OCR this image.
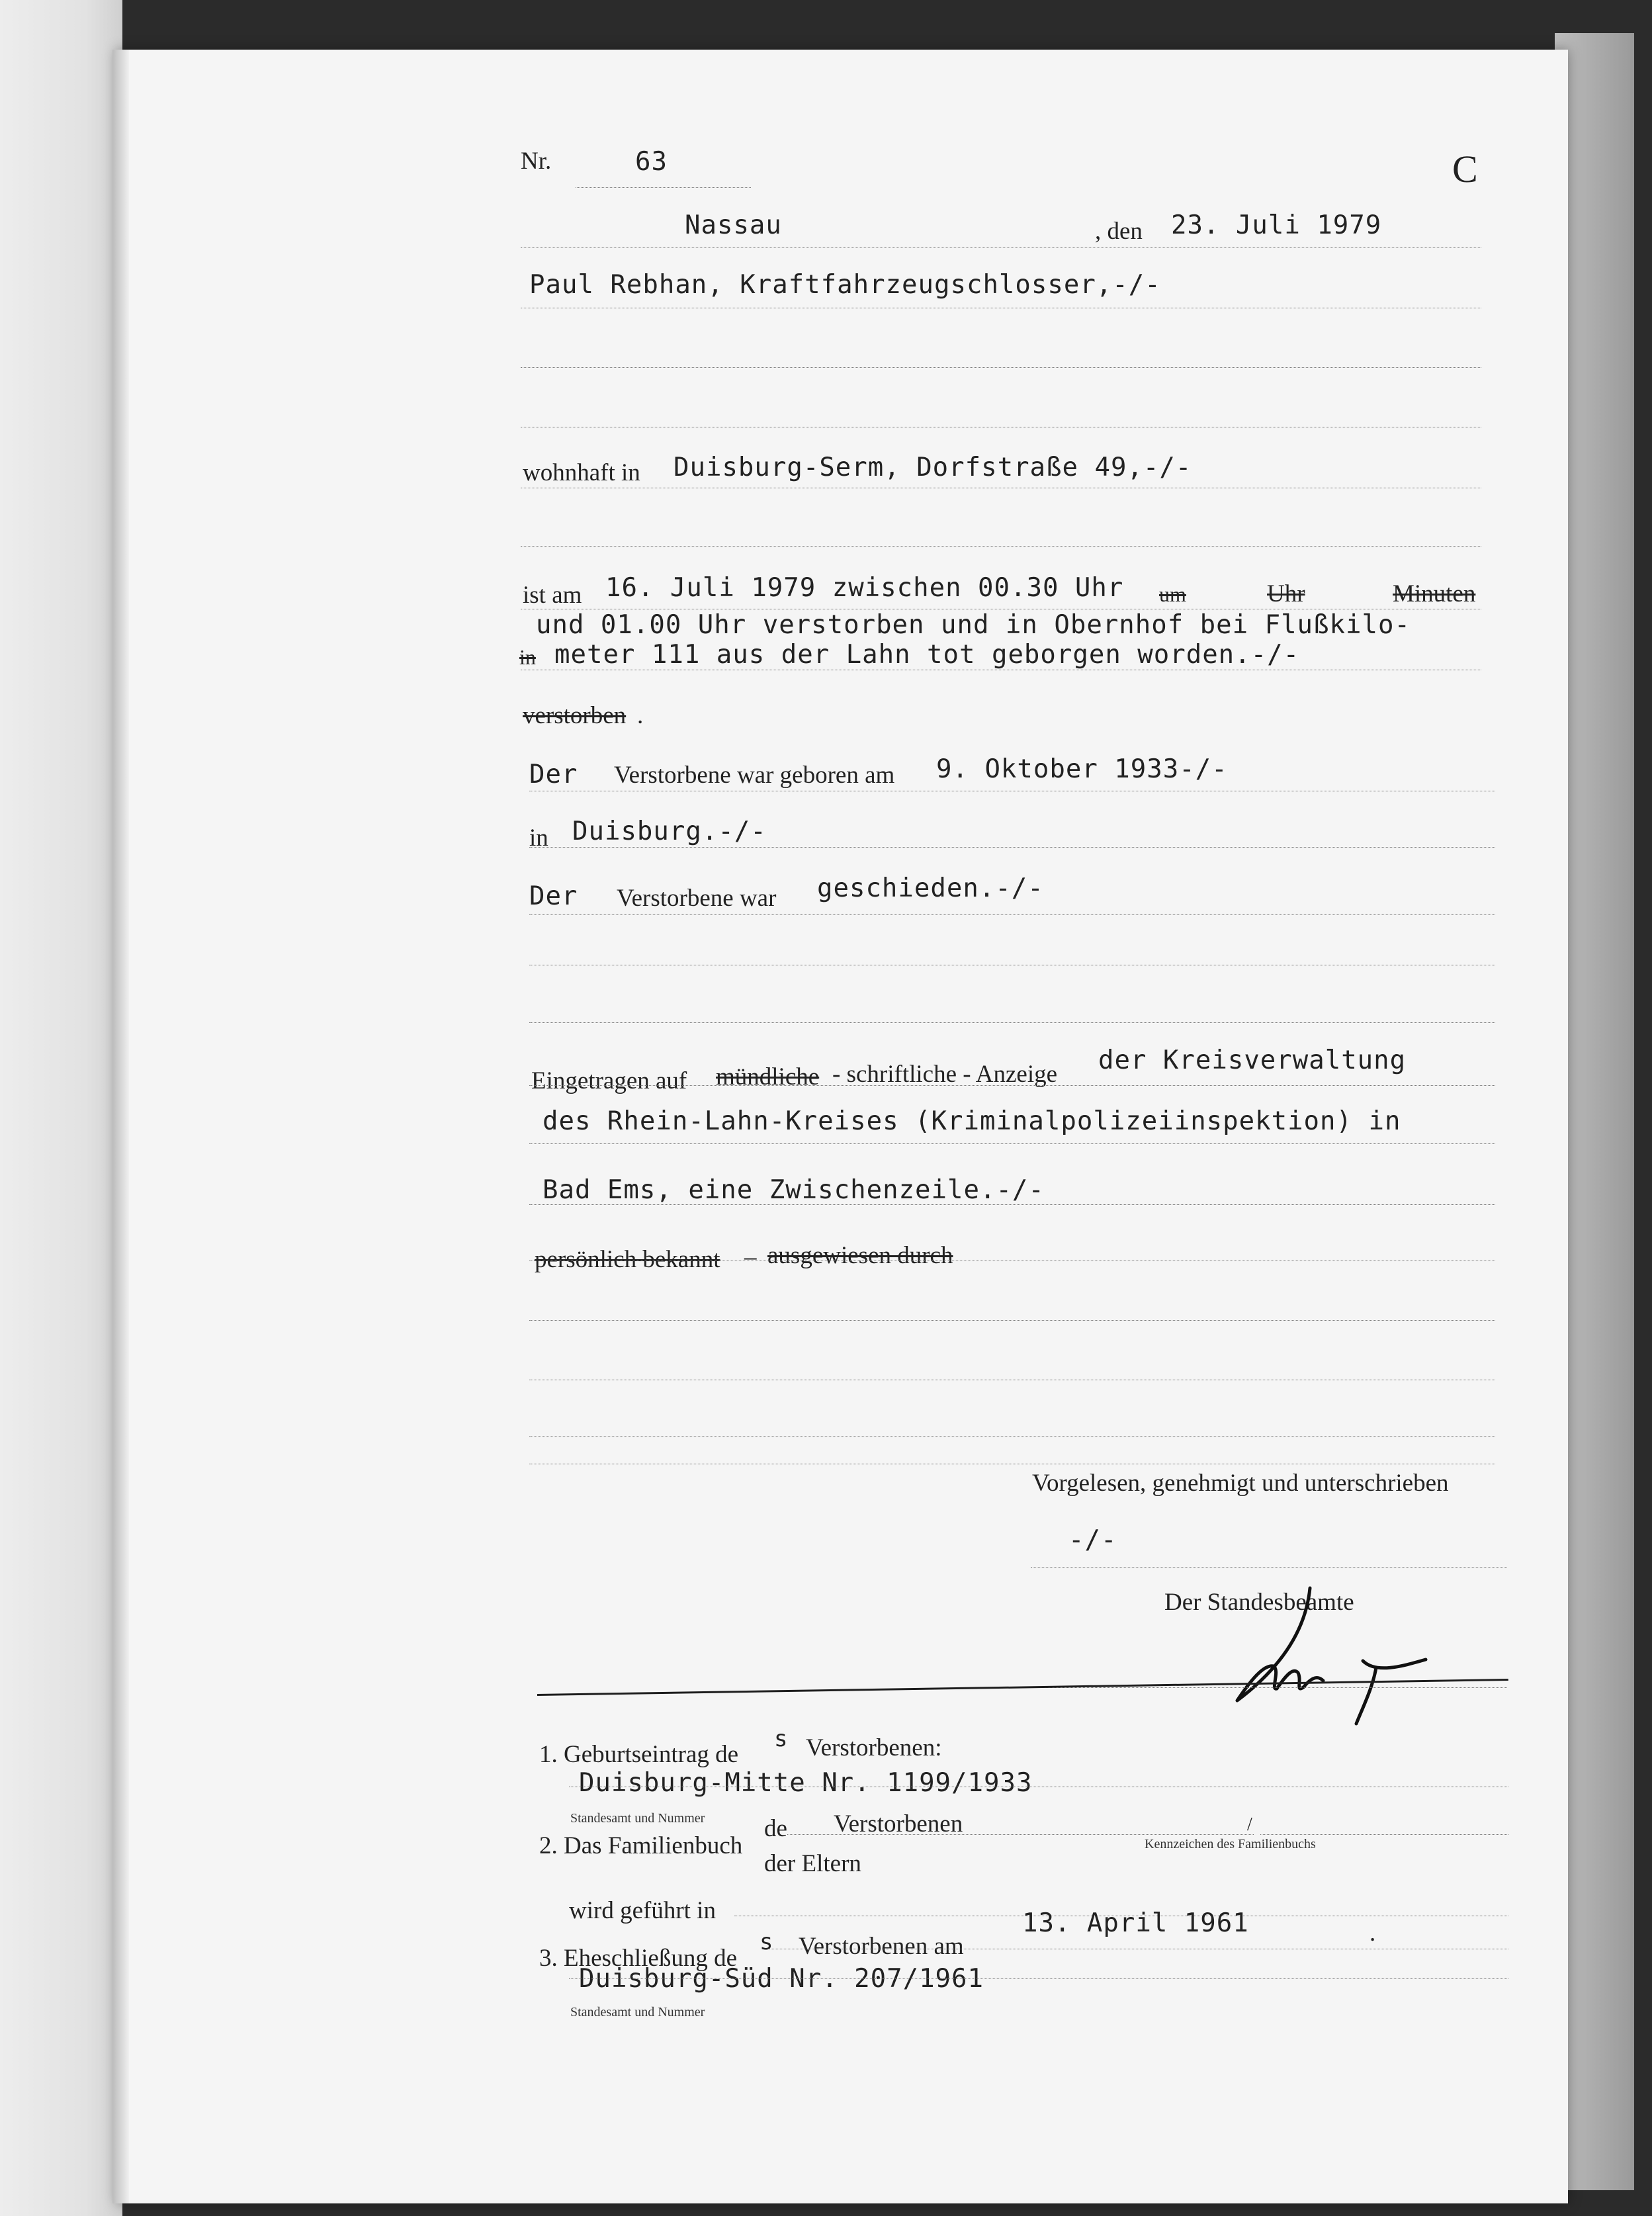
Nr.	63	C
Nassau	, den 23. Juli 1979
Paul Rebhan, Kraftfahrzeugschlosser,-/-
wohnhaft in Duisburg-Serm, Dorfstraße 49,-/-
ist am 16. Juli 1979 zwischen 00.30 Uhr um	Uhr	Minuten
und 01.00 Uhr verstorben und in Obernhof bei Flußkilo-
in meter 111 aus der Lahn tot geborgen worden.-/-
verstorben .
Der Verstorbene war geboren am 9. Oktober 1933-/-
in Duisburg.-/-
Der Verstorbene war geschieden.-/-
Eingetragen auf mündliche - schriftliche - Anzeige der Kreisverwaltung
des Rhein-Lahn-Kreises (Kriminalpolizeiinspektion) in
Bad Ems, eine Zwischenzeile.-/-
persönlich bekannt – ausgewiesen durch
Vorgelesen, genehmigt und unterschrieben
-/-
Der Standesbeamte
1. Geburtseintrag de
s Verstorbenen:
Duisburg-Mitte Nr. 1199/1933
Standesamt und Nummer
2. Das Familienbuch
de Verstorbenen	/
der Eltern
Kennzeichen des Familienbuchs
wird geführt in
3. Eheschließung de
s Verstorbenen am
13. April 1961	.
Duisburg-Süd Nr. 207/1961
Standesamt und Nummer
